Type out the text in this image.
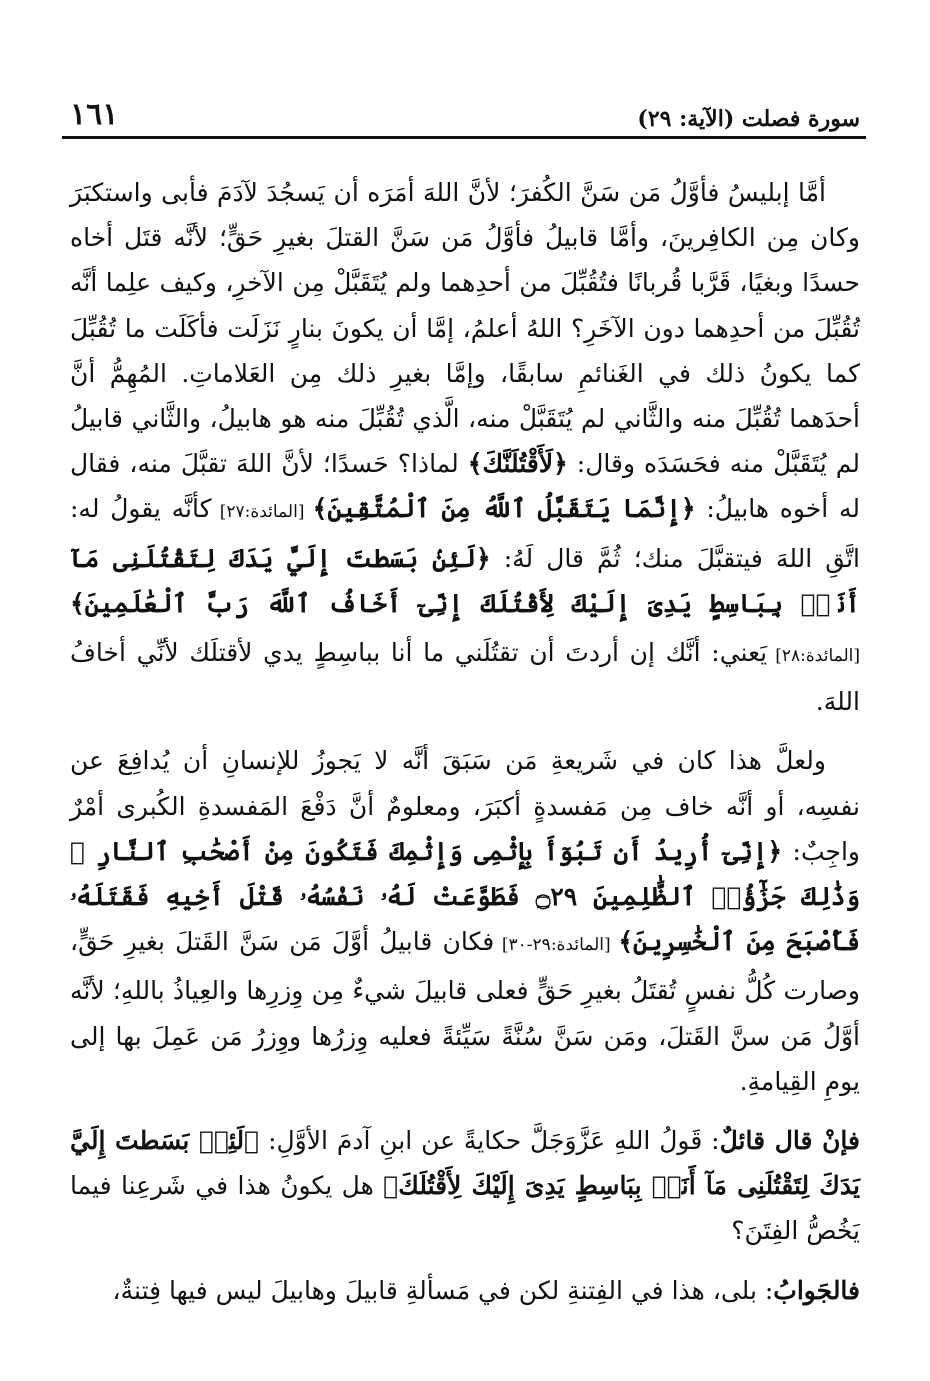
١٦١	سورة فصلت (الآية: ٢٩)

أمَّا إبليسُ فأوَّلُ مَن سَنَّ الكُفرَ؛ لأنَّ اللهَ أمَرَه أن يَسجُدَ لآدَمَ فأبى واستكبَرَ وكان مِن الكافِرينَ، وأمَّا قابيلُ فأوَّلُ مَن سَنَّ القتلَ بغيرِ حَقٍّ؛ لأنَّه قتَل أخاه حسدًا وبغيًا، قَرَّبا قُربانًا فتُقُبِّلَ من أحدِهما ولم يُتَقَبَّلْ مِن الآخرِ، وكيف علِما أنَّه تُقُبِّلَ من أحدِهما دون الآخَرِ؟ اللهُ أعلمُ، إمَّا أن يكونَ بنارٍ نَزَلَت فأكَلَت ما تُقُبِّلَ كما يكونُ ذلك في الغَنائمِ سابقًا، وإمَّا بغيرِ ذلك مِن العَلاماتِ. المُهِمُّ أنَّ أحدَهما تُقُبِّلَ منه والثَّاني لم يُتَقَبَّلْ منه، الَّذي تُقُبِّلَ منه هو هابيلُ، والثَّاني قابيلُ لم يُتَقَبَّلْ منه فحَسَدَه وقال: ﴿لَأَقْتُلَنَّكَ﴾ لماذا؟ حَسدًا؛ لأنَّ اللهَ تقبَّلَ منه، فقال له أخوه هابيلُ: ﴿إِنَّمَا يَتَقَبَّلُ ٱللَّهُ مِنَ ٱلْمُتَّقِينَ﴾ [المائدة:٢٧] كأنَّه يقولُ له: اتَّقِ اللهَ فيتقبَّلَ منك؛ ثُمَّ قال لَهُ: ﴿لَئِنۢ بَسَطتَ إِلَيَّ يَدَكَ لِتَقْتُلَنِى مَآ أَنَا۠ بِبَاسِطٍ يَدِىَ إِلَيْكَ لِأَقْتُلَكَ إِنِّىٓ أَخَافُ ٱللَّهَ رَبَّ ٱلْعَٰلَمِينَ﴾ [المائدة:٢٨] يَعني: أنَّك إن أردتَ أن تقتُلَني ما أنا بباسِطٍ يدي لأقتلَك لأنِّي أخافُ اللهَ.

ولعلَّ هذا كان في شَريعةِ مَن سَبَقَ أنَّه لا يَجوزُ للإنسانِ أن يُدافِعَ عن نفسِه، أو أنَّه خاف مِن مَفسدةٍ أكبَرَ، ومعلومٌ أنَّ دَفْعَ المَفسدةِ الكُبرى أمْرٌ واجِبٌ: ﴿إِنِّىٓ أُرِيدُ أَن تَبُوٓأَ بِإِثْمِى وَإِثْمِكَ فَتَكُونَ مِنْ أَصْحَٰبِ ٱلنَّارِ ۚ وَذَٰلِكَ جَزَٰٓؤُا۟ ٱلظَّٰلِمِينَ ۝٢٩ فَطَوَّعَتْ لَهُۥ نَفْسُهُۥ قَتْلَ أَخِيهِ فَقَتَلَهُۥ فَأَصْبَحَ مِنَ ٱلْخَٰسِرِينَ﴾ [المائدة:٢٩-٣٠] فكان قابيلُ أوَّلَ مَن سَنَّ القَتلَ بغيرِ حَقٍّ، وصارت كُلُّ نفسٍ تُقتَلُ بغيرِ حَقٍّ فعلى قابيلَ شيءٌ مِن وِزرِها والعِياذُ باللهِ؛ لأنَّه أوَّلُ مَن سنَّ القَتلَ، ومَن سَنَّ سُنَّةً سَيِّئةً فعليه وِزرُها ووِزرُ مَن عَمِلَ بها إلى يومِ القِيامةِ.

فإنْ قال قائلٌ: قَولُ اللهِ عَزَّوَجَلَّ حكايةً عن ابنِ آدمَ الأوَّلِ: ﴿لَئِنۢ بَسَطتَ إِلَيَّ يَدَكَ لِتَقْتُلَنِى مَآ أَنَا۠ بِبَاسِطٍ يَدِىَ إِلَيْكَ لِأَقْتُلَكَ﴾ هل يكونُ هذا في شَرعِنا فيما يَخُصُّ الفِتَنَ؟

فالجَوابُ: بلى، هذا في الفِتنةِ لكن في مَسألةِ قابيلَ وهابيلَ ليس فيها فِتنةٌ،
